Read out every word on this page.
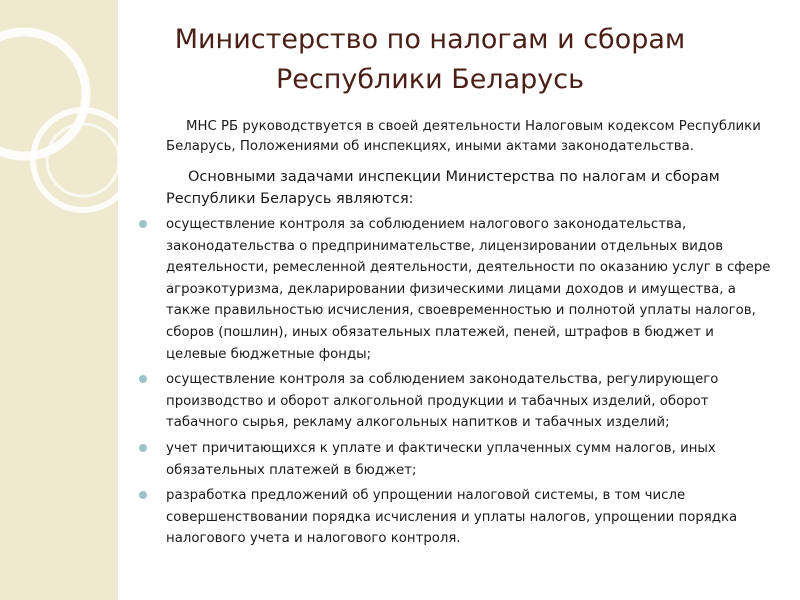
Министерство по налогам и сборам
Республики Беларусь

МНС РБ руководствуется в своей деятельности Налоговым кодексом Республики Беларусь, Положениями об инспекциях, иными актами законодательства.

Основными задачами инспекции Министерства по налогам и сборам Республики Беларусь являются:

осуществление контроля за соблюдением налогового законодательства, законодательства о предпринимательстве, лицензировании отдельных видов деятельности, ремесленной деятельности, деятельности по оказанию услуг в сфере агроэкотуризма, декларировании физическими лицами доходов и имущества, а также правильностью исчисления, своевременностью и полнотой уплаты налогов, сборов (пошлин), иных обязательных платежей, пеней, штрафов в бюджет и целевые бюджетные фонды;
осуществление контроля за соблюдением законодательства, регулирующего производство и оборот алкогольной продукции и табачных изделий, оборот табачного сырья, рекламу алкогольных напитков и табачных изделий;
учет причитающихся к уплате и фактически уплаченных сумм налогов, иных обязательных платежей в бюджет;
разработка предложений об упрощении налоговой системы, в том числе совершенствовании порядка исчисления и уплаты налогов, упрощении порядка налогового учета и налогового контроля.
